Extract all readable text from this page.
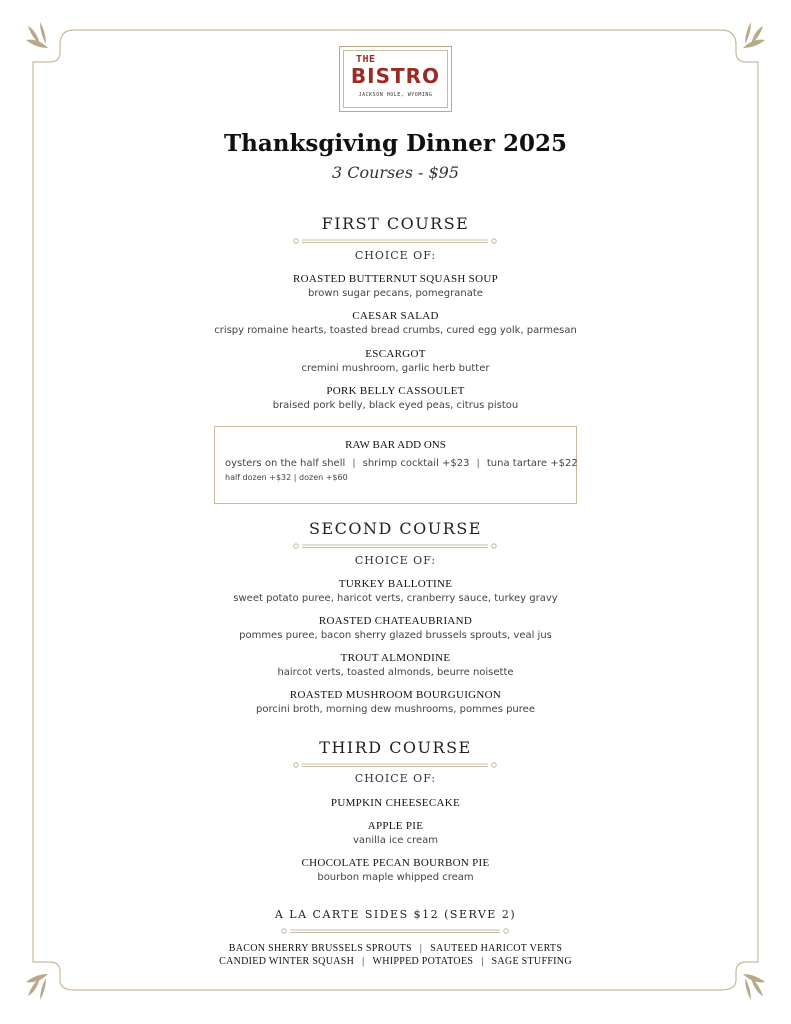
THE
BISTRO
JACKSON HOLE, WYOMING
Thanksgiving Dinner 2025
3 Courses - $95
FIRST COURSE
CHOICE OF:
ROASTED BUTTERNUT SQUASH SOUP
brown sugar pecans, pomegranate
CAESAR SALAD
crispy romaine hearts, toasted bread crumbs, cured egg yolk, parmesan
ESCARGOT
cremini mushroom, garlic herb butter
PORK BELLY CASSOULET
braised pork belly, black eyed peas, citrus pistou
RAW BAR ADD ONS
oysters on the half shell | shrimp cocktail +$23 | tuna tartare +$22
half dozen +$32 | dozen +$60
SECOND COURSE
CHOICE OF:
TURKEY BALLOTINE
sweet potato puree, haricot verts, cranberry sauce, turkey gravy
ROASTED CHATEAUBRIAND
pommes puree, bacon sherry glazed brussels sprouts, veal jus
TROUT ALMONDINE
haircot verts, toasted almonds, beurre noisette
ROASTED MUSHROOM BOURGUIGNON
porcini broth, morning dew mushrooms, pommes puree
THIRD COURSE
CHOICE OF:
PUMPKIN CHEESECAKE
APPLE PIE
vanilla ice cream
CHOCOLATE PECAN BOURBON PIE
bourbon maple whipped cream
A LA CARTE SIDES $12 (SERVE 2)
BACON SHERRY BRUSSELS SPROUTS | SAUTEED HARICOT VERTS
CANDIED WINTER SQUASH | WHIPPED POTATOES | SAGE STUFFING
